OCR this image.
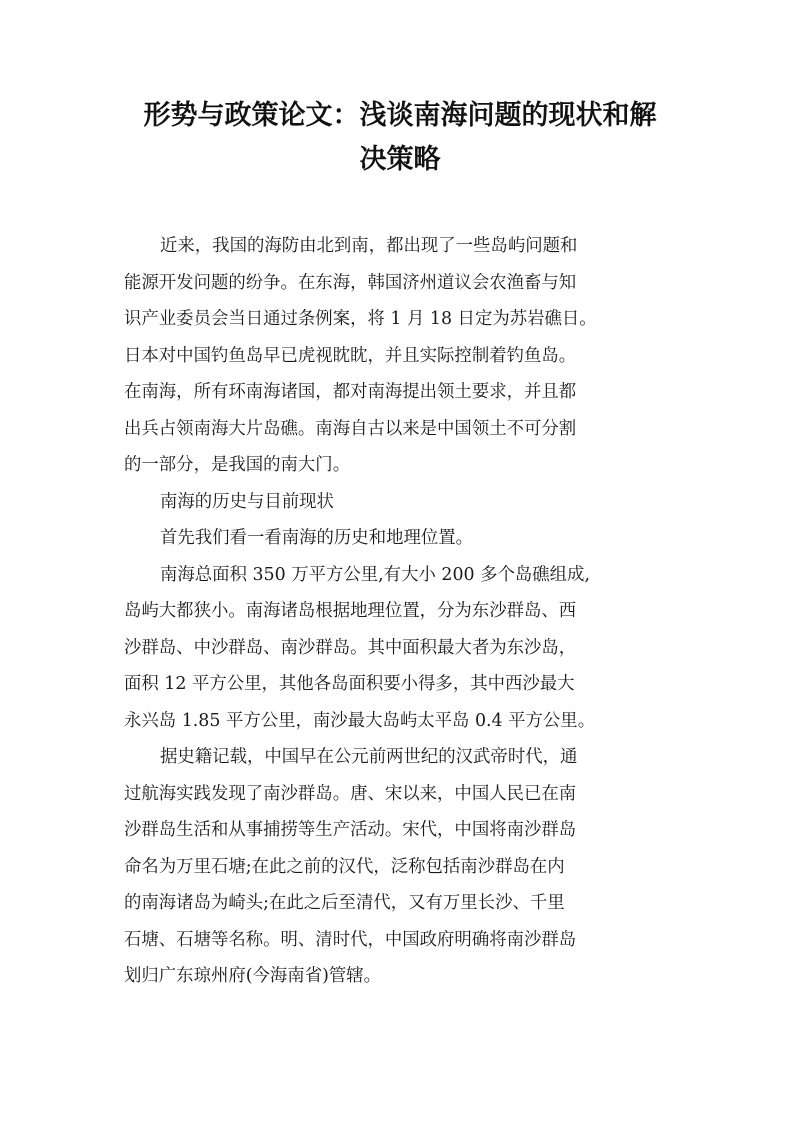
形势与政策论文：浅谈南海问题的现状和解
决策略

近来，我国的海防由北到南，都出现了一些岛屿问题和
能源开发问题的纷争。在东海，韩国济州道议会农渔畜与知
识产业委员会当日通过条例案，将 1 月 18 日定为苏岩礁日。
日本对中国钓鱼岛早已虎视眈眈，并且实际控制着钓鱼岛。
在南海，所有环南海诸国，都对南海提出领土要求，并且都
出兵占领南海大片岛礁。南海自古以来是中国领土不可分割
的一部分，是我国的南大门。

南海的历史与目前现状

首先我们看一看南海的历史和地理位置。

南海总面积 350 万平方公里,有大小 200 多个岛礁组成,
岛屿大都狭小。南海诸岛根据地理位置，分为东沙群岛、西
沙群岛、中沙群岛、南沙群岛。其中面积最大者为东沙岛，
面积 12 平方公里，其他各岛面积要小得多，其中西沙最大
永兴岛 1.85 平方公里，南沙最大岛屿太平岛 0.4 平方公里。

据史籍记载，中国早在公元前两世纪的汉武帝时代，通
过航海实践发现了南沙群岛。唐、宋以来，中国人民已在南
沙群岛生活和从事捕捞等生产活动。宋代，中国将南沙群岛
命名为万里石塘;在此之前的汉代，泛称包括南沙群岛在内
的南海诸岛为崎头;在此之后至清代，又有万里长沙、千里
石塘、石塘等名称。明、清时代，中国政府明确将南沙群岛
划归广东琼州府(今海南省)管辖。
